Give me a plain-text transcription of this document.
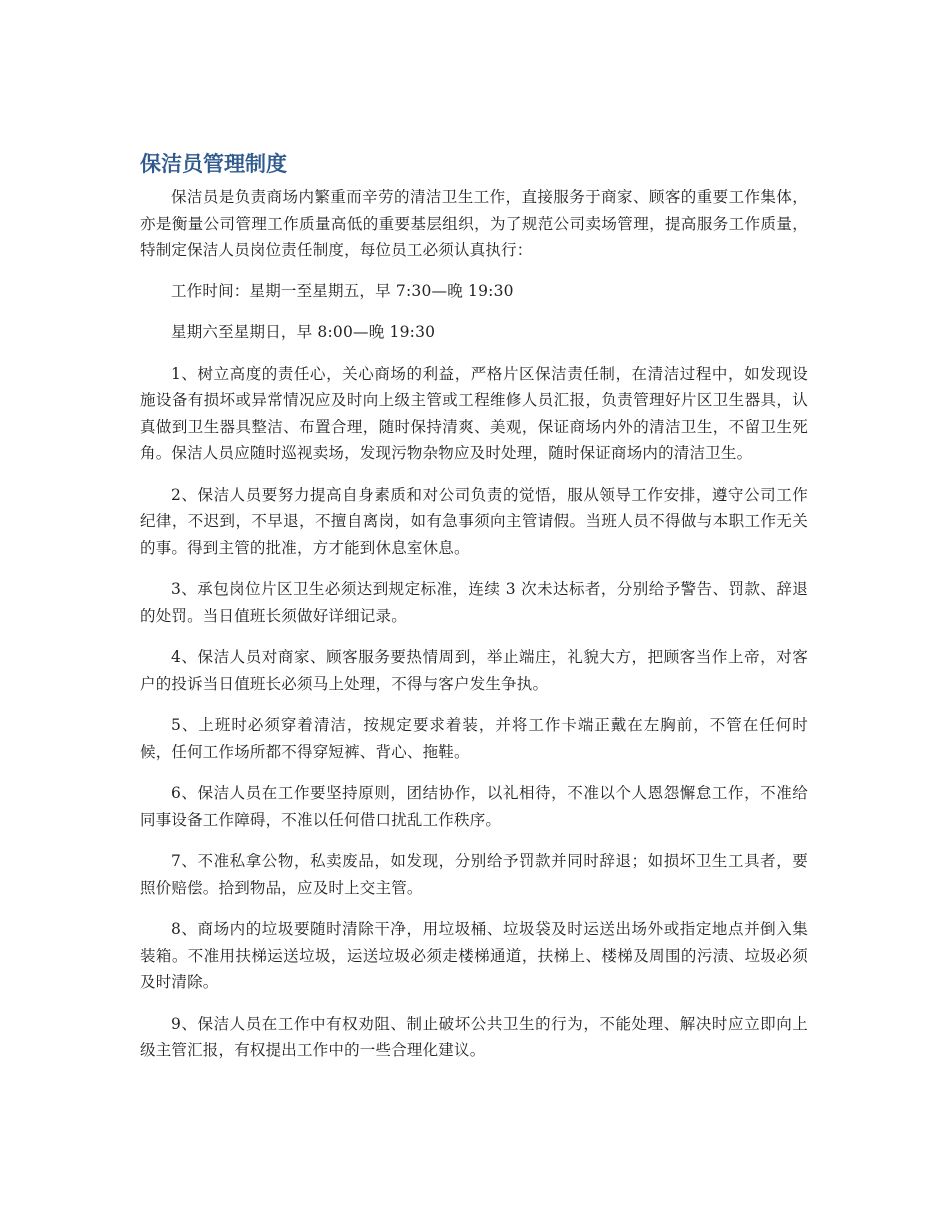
保洁员管理制度

保洁员是负责商场内繁重而辛劳的清洁卫生工作，直接服务于商家、顾客的重要工作集体，亦是衡量公司管理工作质量高低的重要基层组织，为了规范公司卖场管理，提高服务工作质量，特制定保洁人员岗位责任制度，每位员工必须认真执行：

工作时间：星期一至星期五，早 7:30—晚 19:30

星期六至星期日，早 8:00—晚 19:30

1、树立高度的责任心，关心商场的利益，严格片区保洁责任制，在清洁过程中，如发现设施设备有损坏或异常情况应及时向上级主管或工程维修人员汇报，负责管理好片区卫生器具，认真做到卫生器具整洁、布置合理，随时保持清爽、美观，保证商场内外的清洁卫生，不留卫生死角。保洁人员应随时巡视卖场，发现污物杂物应及时处理，随时保证商场内的清洁卫生。

2、保洁人员要努力提高自身素质和对公司负责的觉悟，服从领导工作安排，遵守公司工作纪律，不迟到，不早退，不擅自离岗，如有急事须向主管请假。当班人员不得做与本职工作无关的事。得到主管的批准，方才能到休息室休息。

3、承包岗位片区卫生必须达到规定标准，连续 3 次未达标者，分别给予警告、罚款、辞退的处罚。当日值班长须做好详细记录。

4、保洁人员对商家、顾客服务要热情周到，举止端庄，礼貌大方，把顾客当作上帝，对客户的投诉当日值班长必须马上处理，不得与客户发生争执。

5、上班时必须穿着清洁，按规定要求着装，并将工作卡端正戴在左胸前，不管在任何时候，任何工作场所都不得穿短裤、背心、拖鞋。

6、保洁人员在工作要坚持原则，团结协作，以礼相待，不准以个人恩怨懈怠工作，不准给同事设备工作障碍，不准以任何借口扰乱工作秩序。

7、不准私拿公物，私卖废品，如发现，分别给予罚款并同时辞退；如损坏卫生工具者，要照价赔偿。拾到物品，应及时上交主管。

8、商场内的垃圾要随时清除干净，用垃圾桶、垃圾袋及时运送出场外或指定地点并倒入集装箱。不准用扶梯运送垃圾，运送垃圾必须走楼梯通道，扶梯上、楼梯及周围的污渍、垃圾必须及时清除。

9、保洁人员在工作中有权劝阻、制止破坏公共卫生的行为，不能处理、解决时应立即向上级主管汇报，有权提出工作中的一些合理化建议。
